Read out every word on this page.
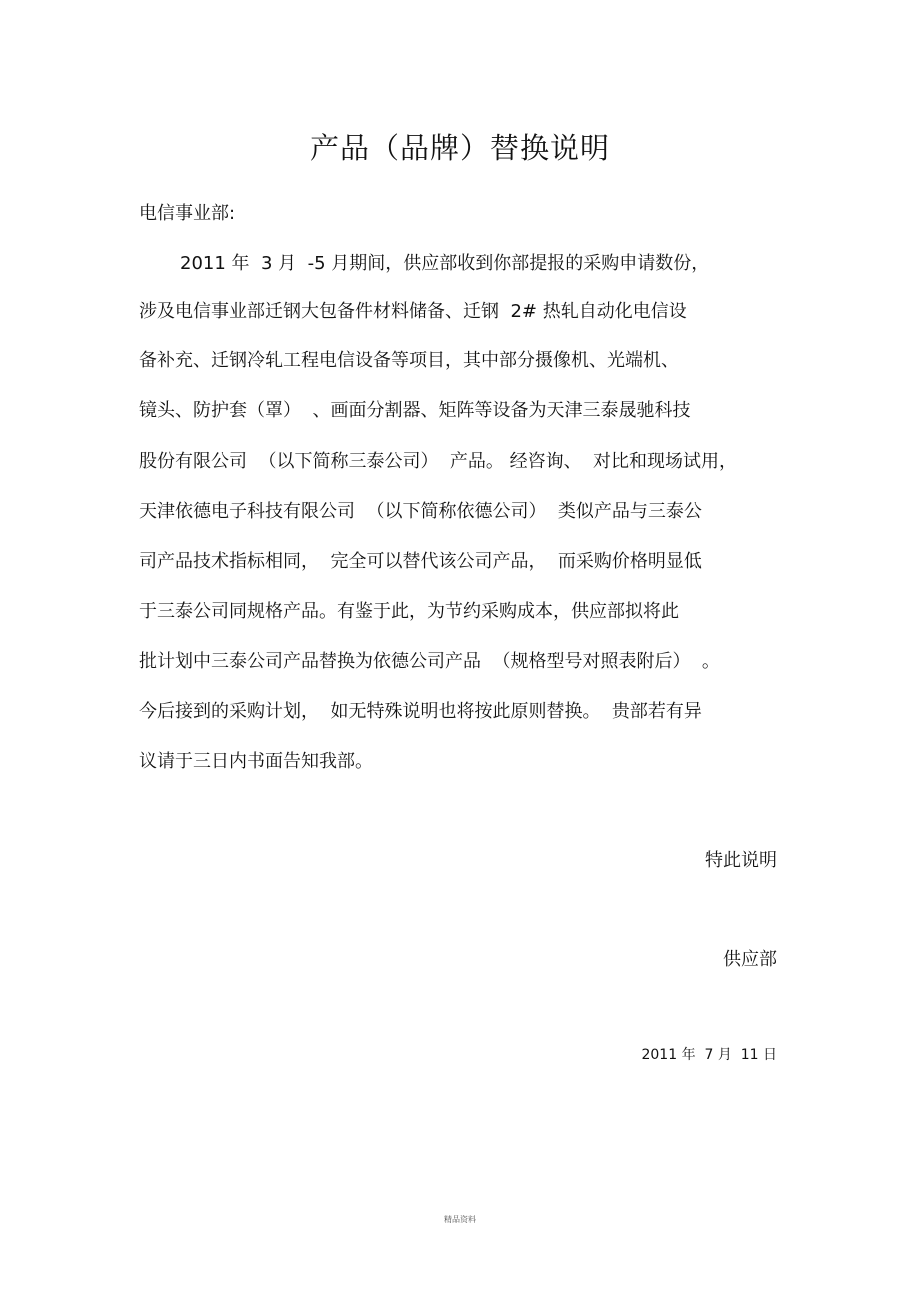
产品（品牌）替换说明
电信事业部:
2011 年  3 月  -5 月期间，供应部收到你部提报的采购申请数份，
涉及电信事业部迁钢大包备件材料储备、迁钢  2# 热轧自动化电信设
备补充、迁钢冷轧工程电信设备等项目，其中部分摄像机、光端机、
镜头、防护套（罩）  、画面分割器、矩阵等设备为天津三泰晟驰科技
股份有限公司  （以下简称三泰公司）  产品。 经咨询、  对比和现场试用，
天津依德电子科技有限公司  （以下简称依德公司）  类似产品与三泰公
司产品技术指标相同，  完全可以替代该公司产品，  而采购价格明显低
于三泰公司同规格产品。有鉴于此，为节约采购成本，供应部拟将此
批计划中三泰公司产品替换为依德公司产品  （规格型号对照表附后）  。
今后接到的采购计划，  如无特殊说明也将按此原则替换。  贵部若有异
议请于三日内书面告知我部。
特此说明
供应部
2011 年  7 月  11 日
精品资料
